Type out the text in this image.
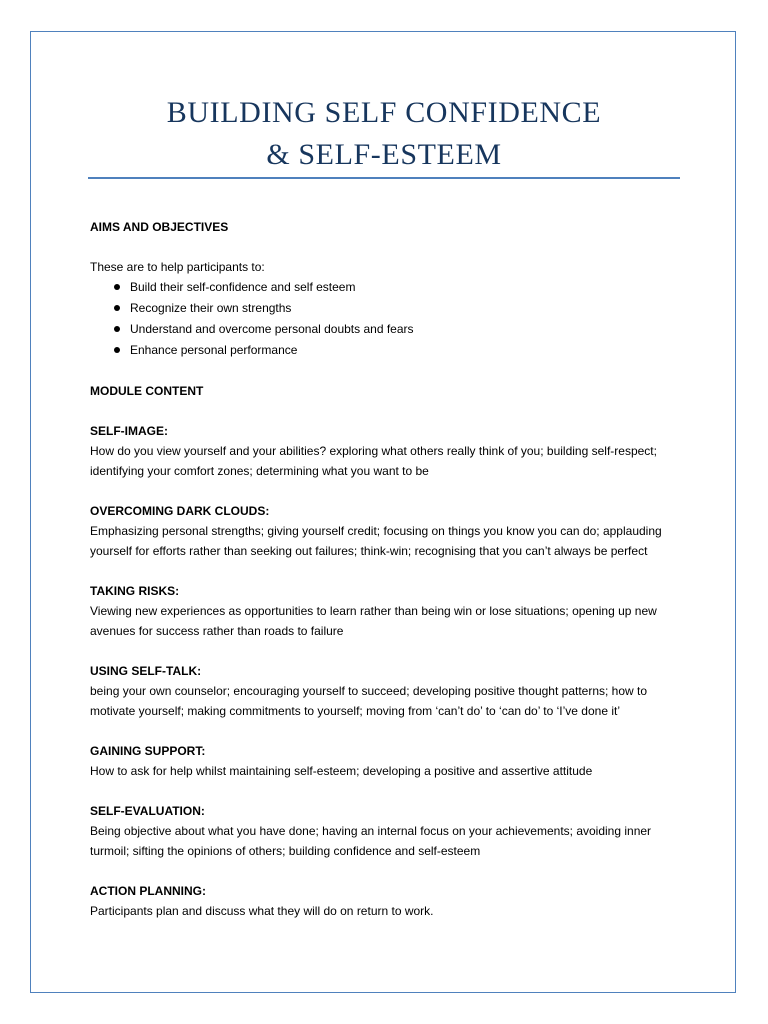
BUILDING SELF CONFIDENCE
& SELF-ESTEEM

AIMS AND OBJECTIVES

These are to help participants to:

Build their self-confidence and self esteem
Recognize their own strengths
Understand and overcome personal doubts and fears
Enhance personal performance

MODULE CONTENT

SELF-IMAGE:

How do you view yourself and your abilities? exploring what others really think of you; building self-respect; identifying your comfort zones; determining what you want to be

OVERCOMING DARK CLOUDS:

Emphasizing personal strengths; giving yourself credit; focusing on things you know you can do; applauding yourself for efforts rather than seeking out failures; think-win; recognising that you can’t always be perfect

TAKING RISKS:

Viewing new experiences as opportunities to learn rather than being win or lose situations; opening up new avenues for success rather than roads to failure

USING SELF-TALK:

being your own counselor; encouraging yourself to succeed; developing positive thought patterns; how to motivate yourself; making commitments to yourself; moving from ‘can’t do’ to ‘can do’ to ‘I’ve done it’

GAINING SUPPORT:

How to ask for help whilst maintaining self-esteem; developing a positive and assertive attitude

SELF-EVALUATION:

Being objective about what you have done; having an internal focus on your achievements; avoiding inner turmoil; sifting the opinions of others; building confidence and self-esteem

ACTION PLANNING:

Participants plan and discuss what they will do on return to work.
